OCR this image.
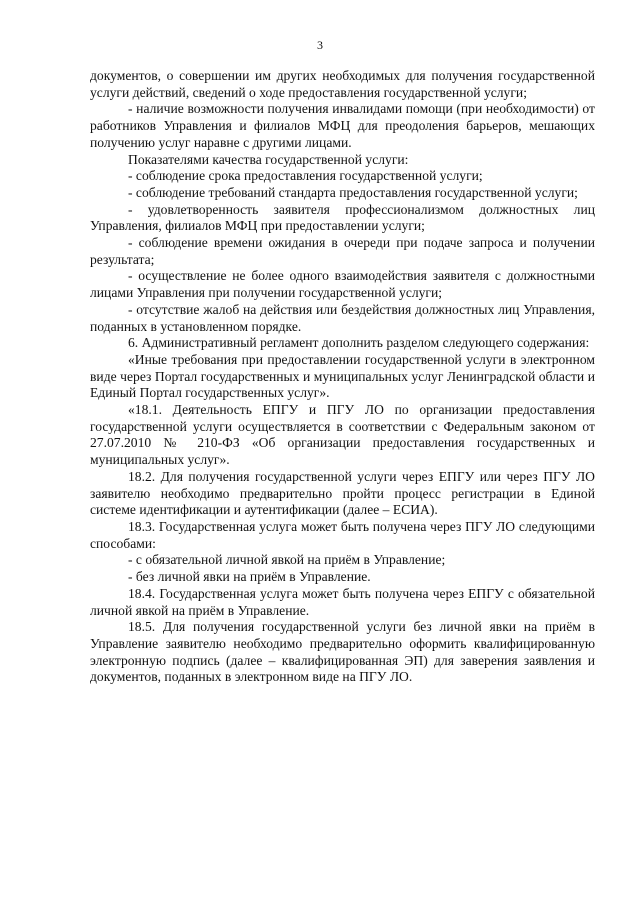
3

документов, о совершении им других необходимых для получения государственной услуги действий, сведений о ходе предоставления государственной услуги;

- наличие возможности получения инвалидами помощи (при необходимости) от работников Управления и филиалов МФЦ для преодоления барьеров, мешающих получению услуг наравне с другими лицами.

Показателями качества государственной услуги:

- соблюдение срока предоставления государственной услуги;

- соблюдение требований стандарта предоставления государственной услуги;

- удовлетворенность заявителя профессионализмом должностных лиц Управления, филиалов МФЦ при предоставлении услуги;

- соблюдение времени ожидания в очереди при подаче запроса и получении результата;

- осуществление не более одного взаимодействия заявителя с должностными лицами Управления при получении государственной услуги;

- отсутствие жалоб на действия или бездействия должностных лиц Управления, поданных в установленном порядке.

6. Административный регламент дополнить разделом следующего содержания:

«Иные требования при предоставлении государственной услуги в электронном виде через Портал государственных и муниципальных услуг Ленинградской области и Единый Портал государственных услуг».

«18.1. Деятельность ЕПГУ и ПГУ ЛО по организации предоставления государственной услуги осуществляется в соответствии с Федеральным законом от 27.07.2010 № 210-ФЗ «Об организации предоставления государственных и муниципальных услуг».

18.2. Для получения государственной услуги через ЕПГУ или через ПГУ ЛО заявителю необходимо предварительно пройти процесс регистрации в Единой системе идентификации и аутентификации (далее – ЕСИА).

18.3. Государственная услуга может быть получена через ПГУ ЛО следующими способами:

- с обязательной личной явкой на приём в Управление;

- без личной явки на приём в Управление.

18.4. Государственная услуга может быть получена через ЕПГУ с обязательной личной явкой на приём в Управление.

18.5. Для получения государственной услуги без личной явки на приём в Управление заявителю необходимо предварительно оформить квалифицированную электронную подпись (далее – квалифицированная ЭП) для заверения заявления и документов, поданных в электронном виде на ПГУ ЛО.
